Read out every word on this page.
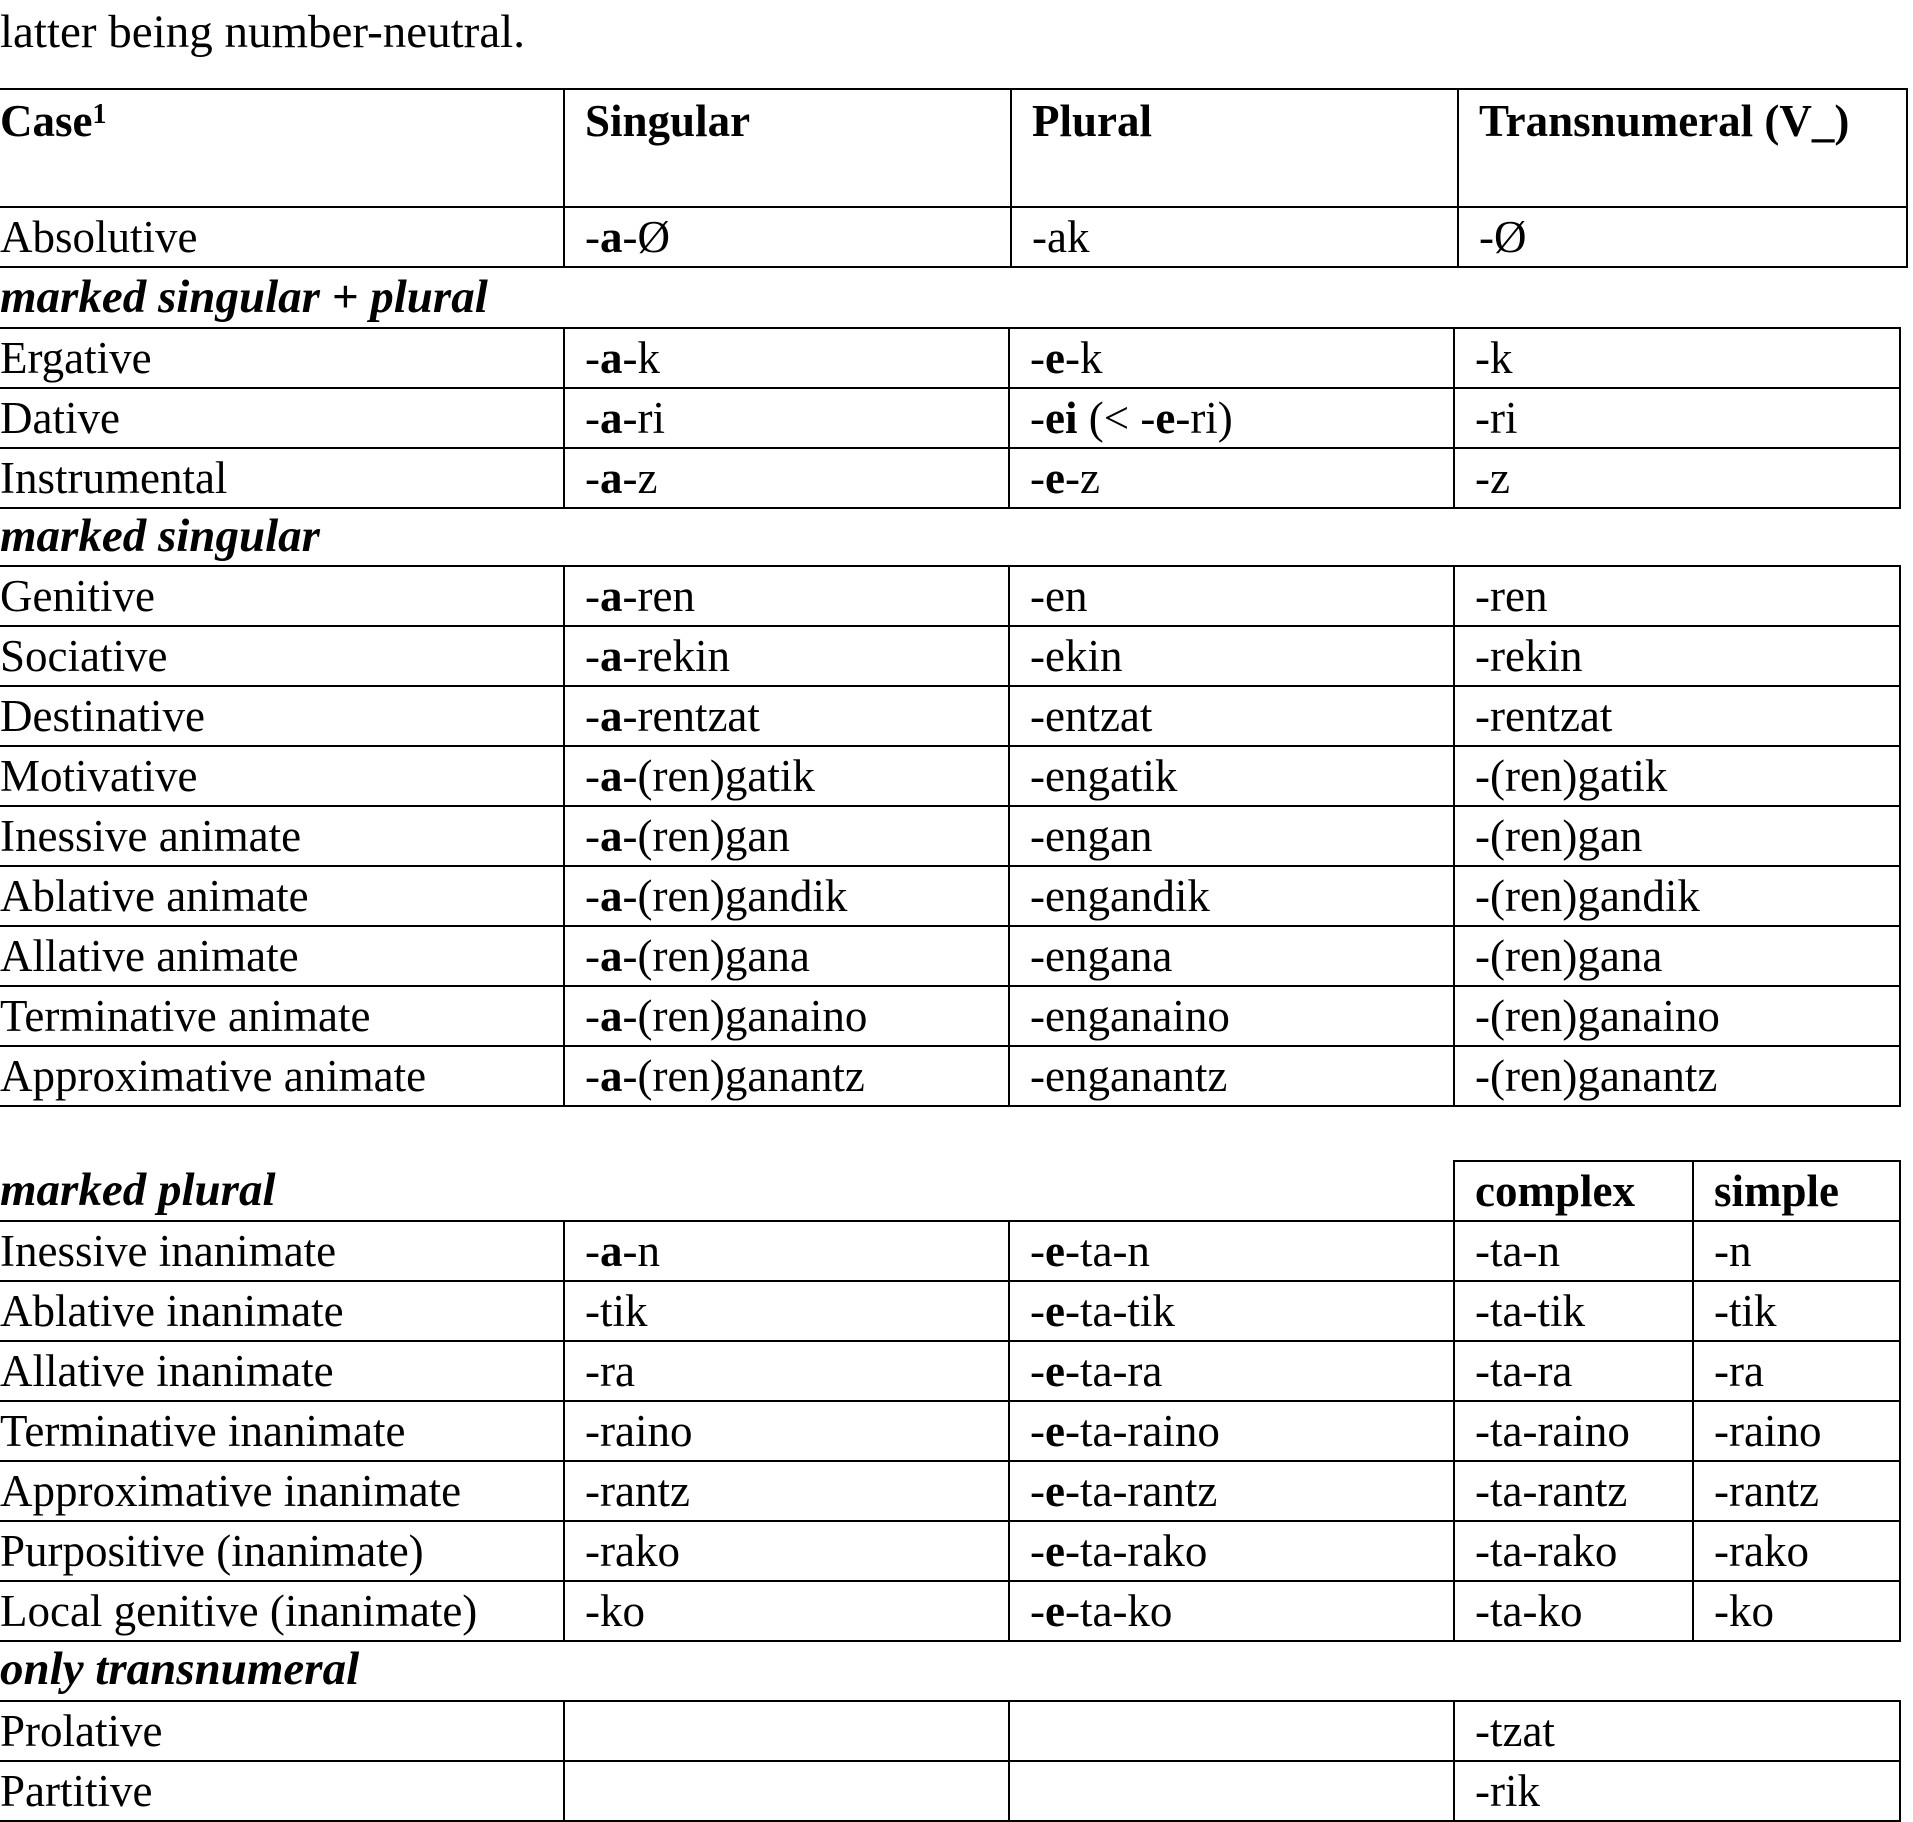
latter being number-neutral.
Case$^1$	Singular	Plural	Transnumeral (V_)
Absolutive	-a-Ø	-ak	-Ø
marked singular + plural
Ergative	-a-k	-e-k	-k
Dative	-a-ri	-ei (< -e-ri)	-ri
Instrumental	-a-z	-e-z	-z
marked singular
Genitive	-a-ren	-en	-ren
Sociative	-a-rekin	-ekin	-rekin
Destinative	-a-rentzat	-entzat	-rentzat
Motivative	-a-(ren)gatik	-engatik	-(ren)gatik
Inessive animate	-a-(ren)gan	-engan	-(ren)gan
Ablative animate	-a-(ren)gandik	-engandik	-(ren)gandik
Allative animate	-a-(ren)gana	-engana	-(ren)gana
Terminative animate	-a-(ren)ganaino	-enganaino	-(ren)ganaino
Approximative animate	-a-(ren)ganantz	-enganantz	-(ren)ganantz
marked plural			complex	simple
Inessive inanimate	-a-n	-e-ta-n	-ta-n	-n
Ablative inanimate	-tik	-e-ta-tik	-ta-tik	-tik
Allative inanimate	-ra	-e-ta-ra	-ta-ra	-ra
Terminative inanimate	-raino	-e-ta-raino	-ta-raino	-raino
Approximative inanimate	-rantz	-e-ta-rantz	-ta-rantz	-rantz
Purpositive (inanimate)	-rako	-e-ta-rako	-ta-rako	-rako
Local genitive (inanimate)	-ko	-e-ta-ko	-ta-ko	-ko
only transnumeral
Prolative			-tzat
Partitive			-rik
